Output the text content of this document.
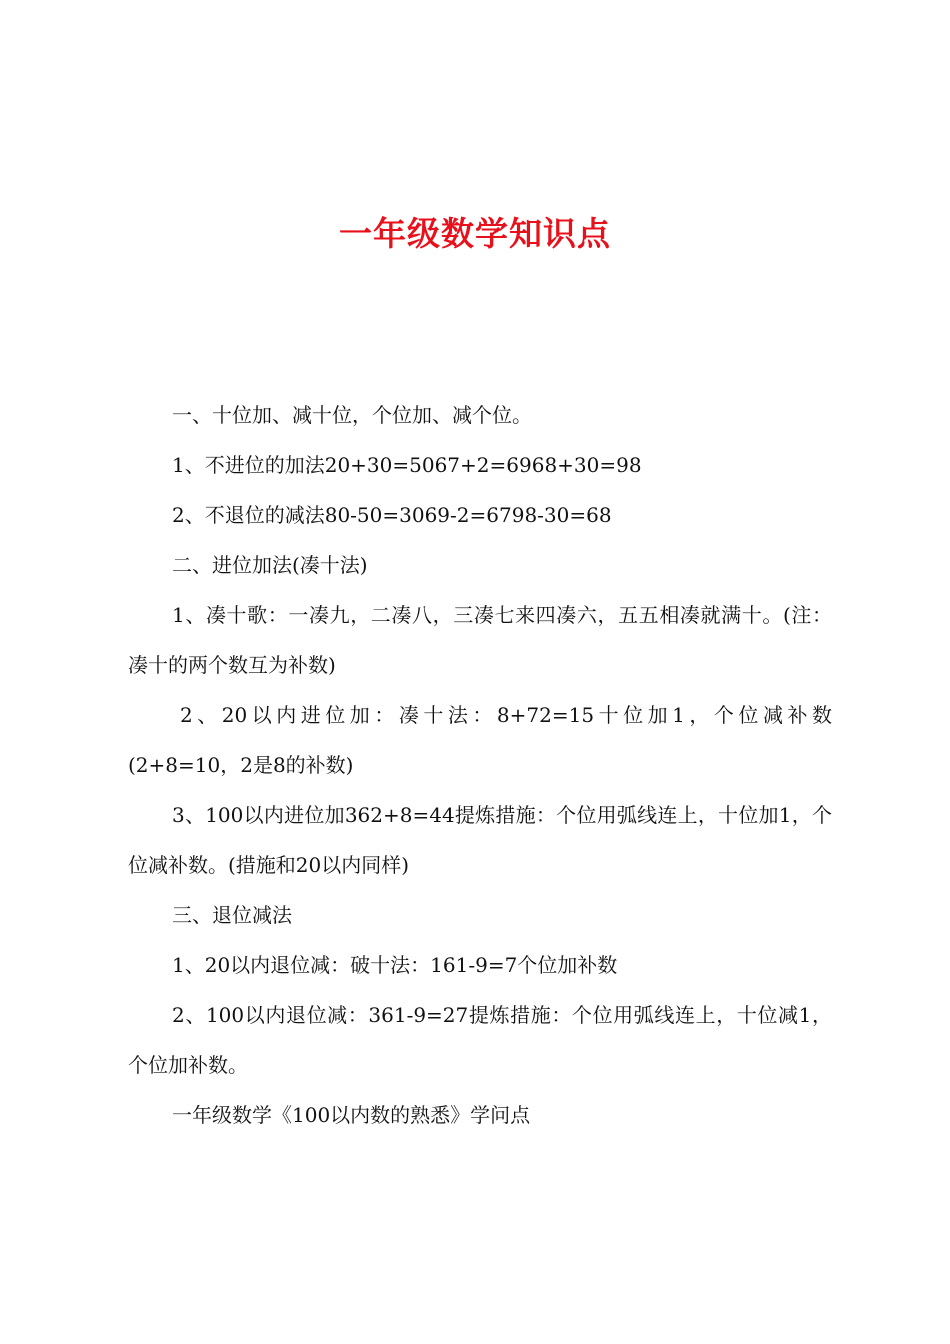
一年级数学知识点

一、十位加、减十位，个位加、减个位。

1、不进位的加法20+30=5067+2=6968+30=98

2、不退位的减法80-50=3069-2=6798-30=68

二、进位加法(凑十法)

1、凑十歌：一凑九，二凑八，三凑七来四凑六，五五相凑就满十。(注：凑十的两个数互为补数)

2、20以内进位加：凑十法：8+72=15十位加1，个位减补数(2+8=10，2是8的补数)

3、100以内进位加362+8=44提炼措施：个位用弧线连上，十位加1，个位减补数。(措施和20以内同样)

三、退位减法

1、20以内退位减：破十法：161-9=7个位加补数

2、100以内退位减：361-9=27提炼措施：个位用弧线连上，十位减1，个位加补数。

一年级数学《100以内数的熟悉》学问点
